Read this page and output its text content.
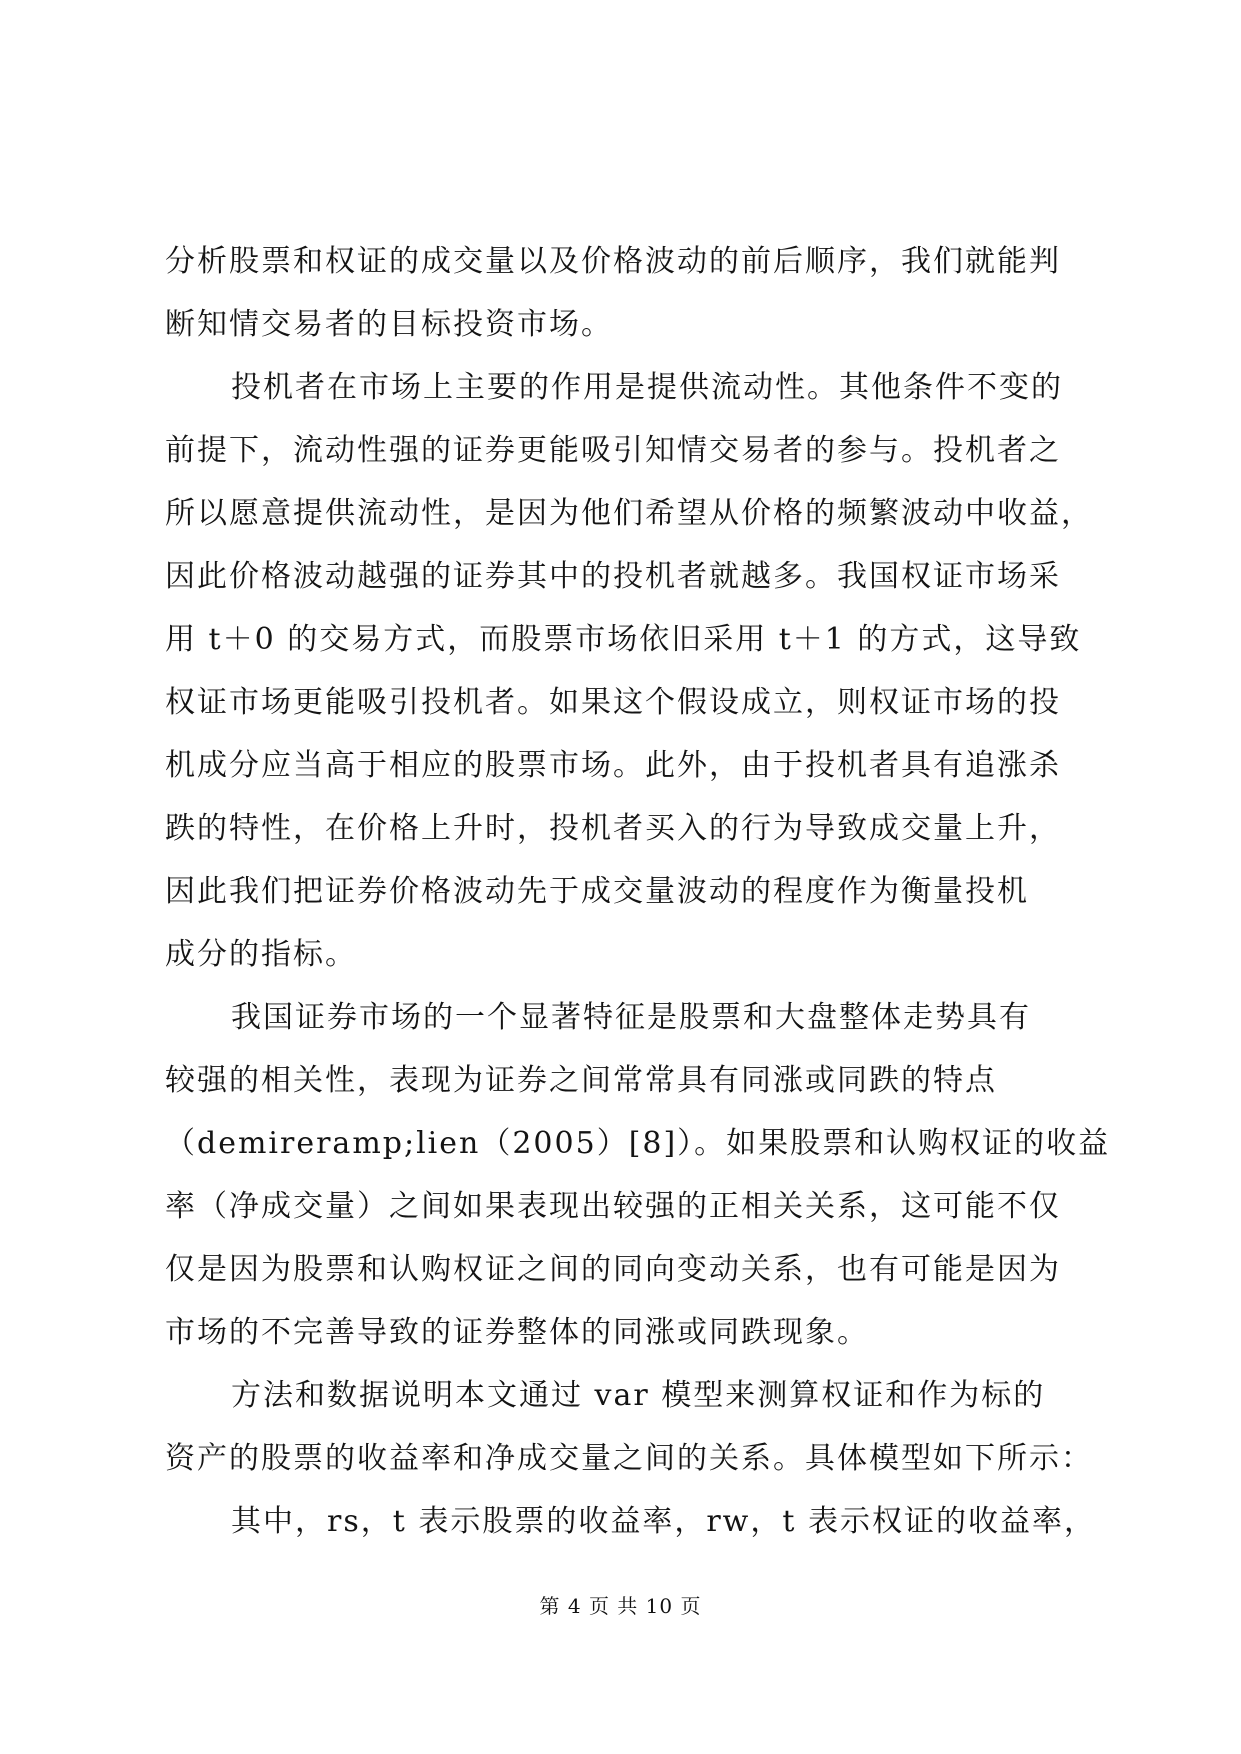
分析股票和权证的成交量以及价格波动的前后顺序，我们就能判
断知情交易者的目标投资市场。
投机者在市场上主要的作用是提供流动性。其他条件不变的
前提下，流动性强的证券更能吸引知情交易者的参与。投机者之
所以愿意提供流动性，是因为他们希望从价格的频繁波动中收益，
因此价格波动越强的证券其中的投机者就越多。我国权证市场采
用 t＋0 的交易方式，而股票市场依旧采用 t＋1 的方式，这导致
权证市场更能吸引投机者。如果这个假设成立，则权证市场的投
机成分应当高于相应的股票市场。此外，由于投机者具有追涨杀
跌的特性，在价格上升时，投机者买入的行为导致成交量上升，
因此我们把证券价格波动先于成交量波动的程度作为衡量投机
成分的指标。
我国证券市场的一个显著特征是股票和大盘整体走势具有
较强的相关性，表现为证券之间常常具有同涨或同跌的特点
（demireramp;lien（2005）[8]）。如果股票和认购权证的收益
率（净成交量）之间如果表现出较强的正相关关系，这可能不仅
仅是因为股票和认购权证之间的同向变动关系，也有可能是因为
市场的不完善导致的证券整体的同涨或同跌现象。
方法和数据说明本文通过 var 模型来测算权证和作为标的
资产的股票的收益率和净成交量之间的关系。具体模型如下所示：
其中，rs，t 表示股票的收益率，rw，t 表示权证的收益率，
第 4 页 共 10 页
